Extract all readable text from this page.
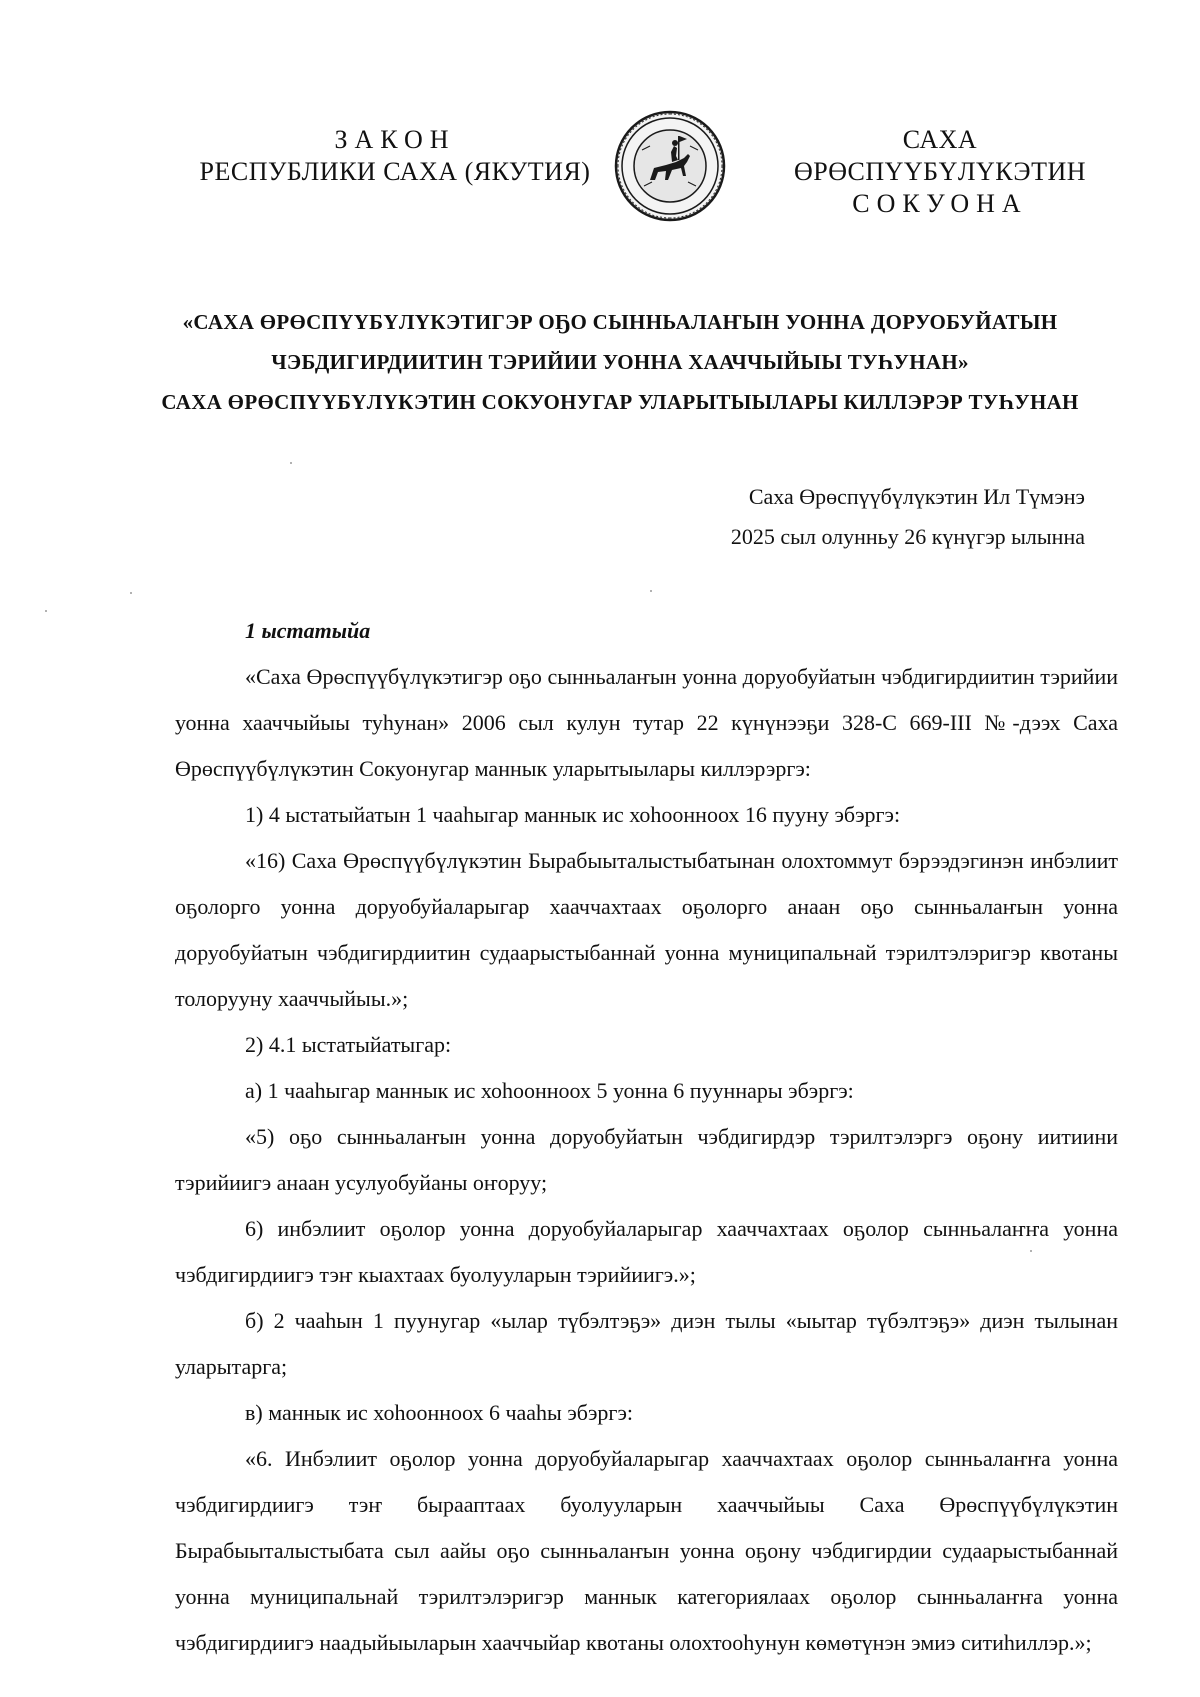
ЗАКОН
РЕСПУБЛИКИ САХА (ЯКУТИЯ)
САХА ӨРӨСПҮҮБҮЛҮКЭТИН
СОКУОНА
«САХА ӨРӨСПҮҮБҮЛҮКЭТИГЭР ОҔО СЫННЬАЛАҤЫН УОННА ДОРУОБУЙАТЫН
ЧЭБДИГИРДИИТИН ТЭРИЙИИ УОННА ХААЧЧЫЙЫЫ ТУҺУНАН»
САХА ӨРӨСПҮҮБҮЛҮКЭТИН СОКУОНУГАР УЛАРЫТЫЫЛАРЫ КИЛЛЭРЭР ТУҺУНАН
Саха Өрөспүүбүлүкэтин Ил Түмэнэ
2025 сыл олунньу 26 күнүгэр ылынна
1 ыстатыйа

«Саха Өрөспүүбүлүкэтигэр оҕо сынньалаҥын уонна доруобуйатын чэбдигирдиитин тэрийии уонна хааччыйыы туһунан» 2006 сыл кулун тутар 22 күнүнээҕи 328-С 669-III №-дээх Саха Өрөспүүбүлүкэтин Сокуонугар маннык уларытыылары киллэрэргэ:

1) 4 ыстатыйатын 1 чааһыгар маннык ис хоһоонноох 16 пууну эбэргэ:

«16) Саха Өрөспүүбүлүкэтин Бырабыыталыстыбатынан олохтоммут бэрээдэгинэн инбэлиит оҕолорго уонна доруобуйаларыгар хааччахтаах оҕолорго анаан оҕо сынньалаҥын уонна доруобуйатын чэбдигирдиитин судаарыстыбаннай уонна муниципальнай тэрилтэлэригэр квотаны толорууну хааччыйыы.»;

2) 4.1 ыстатыйатыгар:

а) 1 чааһыгар маннык ис хоһоонноох 5 уонна 6 пууннары эбэргэ:

«5) оҕо сынньалаҥын уонна доруобуйатын чэбдигирдэр тэрилтэлэргэ оҕону иитиини тэрийиигэ анаан усулуобуйаны оҥоруу;

6) инбэлиит оҕолор уонна доруобуйаларыгар хааччахтаах оҕолор сынньалаҥҥа уонна чэбдигирдиигэ тэҥ кыахтаах буолууларын тэрийиигэ.»;

б) 2 чааһын 1 пуунугар «ылар түбэлтэҕэ» диэн тылы «ыытар түбэлтэҕэ» диэн тылынан уларытарга;

в) маннык ис хоһоонноох 6 чааһы эбэргэ:

«6. Инбэлиит оҕолор уонна доруобуйаларыгар хааччахтаах оҕолор сынньалаҥҥа уонна чэбдигирдиигэ тэҥ бырааптаах буолууларын хааччыйыы Саха Өрөспүүбүлүкэтин Бырабыыталыстыбата сыл аайы оҕо сынньалаҥын уонна оҕону чэбдигирдии судаарыстыбаннай уонна муниципальнай тэрилтэлэригэр маннык категориялаах оҕолор сынньалаҥҥа уонна чэбдигирдиигэ наадыйыыларын хааччыйар квотаны олохтооһунун көмөтүнэн эмиэ ситиһиллэр.»;
